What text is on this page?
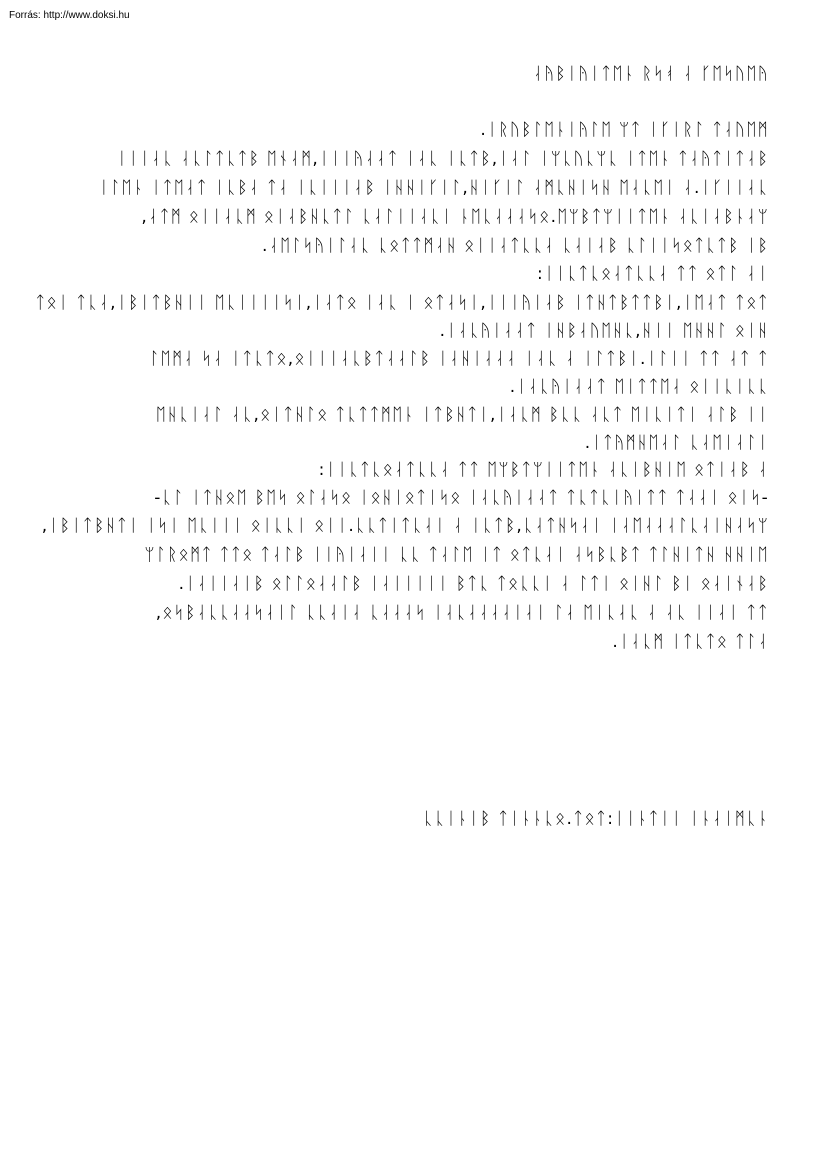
Forrás: http://www.doksi.hu
ᚤᛖᚢᛋᛖᚴ ᛆ ᚮᛋᚱ ᚿᛖᛏᛁᚤᛁᛒᚤᛆ
ᛗᛖᚢᛆᛏ ᛚᚱᛁᚴᛁ ᛏᛘ ᛖᛚᚤᛁᚿᛖᛚᛒᚢᚱᛁ.
ᛒᛆᛏᛁᛏᚤᛆᛏ ᚿᛖᛏᛁ ᚳᛘᚳᚢᚳᛘᛁ ᛚᛆᛁ,ᛒᛏᚳᛁ ᚳᛆᛁ ᛏᛆᛆᚤᛁᛁᛁ,ᛗᛆᚾᛖ ᛒᛏᚳᛏᛚᚳᛆ ᚳᛆᛁᛁᛁ
ᚳᛆᛁᛁᚴᛁ.ᛆ ᛁᛖᚳᛆᛖ ᚺᛋᛁᚺᚳᛗᛆ ᛚᛁᚴᛁᚺ,ᛚᛁᚴᛁᚺᚺᛁ ᛒᛆᛁᛁᛁᚳᛁ ᛆᛏ ᛆᛒᚳᛁ ᛏᛆᛖᛏᛁ ᚿᛖᛚᛁ
ᛘᛆᚿᛒᛆᛁᚳᛆ ᚿᛖᛏᛁᛁᛘᛏᛒᛘᛖ.ᛟᛋᛆᛆᛆᚳᛖᚿ ᛁᚳᛆᛁᛁᛚᛆᚳ ᛚᛏᚳᚺᛒᛆᛁᛟ ᛗᚳᛆᛁᛁᛟ ᛗᛏᛆ,
ᛒᛁ ᛒᛏᚳᛏᛟᛋᛁᛁᛚᚳ ᛒᛆᛁᛆᚳ ᛆᚳᚳᛏᛆᛁᛁᛟ ᚺᛆᛗᛏᛏᛟᚳ ᚳᛆᛚᛁᚤᛋᛚᛖᛆ.
ᛁᛆ ᛚᛏᛟ ᛏᛏ ᛆᚳᚳᛏᛆᛟᚳᛏᚳᛁᛁ:
ᛏᛟᛏ ᛏᛆᛖᛁ,ᛁᛒᛏᛏᛒᛏᚺᛏᛁ ᛒᛆᛁᚤᛁᛁᛁ,ᛁᛋᛆᛏᛟ ᛁ ᚳᛆᛁ ᛟᛏᛆᛁ,ᛁᛋᛁᛁᛁᛁᚳᛖ ᛁᛁᚺᛒᛏᛁᛒᛁ,ᛆᚳᛏ ᛁᛟᛏ
ᚺᛁᛟ ᛚᚺᚺᛖ ᛁᛁᚺ,ᚳᚺᛖᚢᛆᛒᚺᛁ ᛏᛆᛆᛁᚤᚳᛆᛁ.
ᛏ ᛏᛆ ᛏᛏ ᛁᛁᛚᛁ.ᛁᛒᛏᛚᛁ ᛆ ᚳᛆᛁ ᛆᛆᛆᛁᚺᛆᛁ ᛒᛚᛆᛆᛏᛒᚳᛆᛁᛁᛁᛟ,ᛟᛏᚳᛏᛁ ᛆᛋ ᛆᛗᛖᛚ
ᚳᚳᛁᚳᛁᛁᛟ ᛆᛖᛏᛏᛁᛖ ᛏᛆᛆᛁᚤᚳᛆᛁ.
ᛁᛁ ᛒᛚᛆ ᛁᛏᛁᚳᛁᛖ ᛏᚳᛆ ᚳᚳᛒ ᛗᚳᛆᛁ,ᛁᛏᚺᛒᛏᛁ ᚿᛖᛗᛏᛏᚳᛏ ᛟᛚᚺᛏᛁᛟ,ᚳᛆ ᛚᛆᛁᚳᚺᛖ
ᛁᛚᛆᛁᛖᛆᚳ ᛚᛆᛖᚺᛗᚤᛏᛁ.
ᛆ ᛒᛆᛁᛏᛟ ᛖᛁᚺᛒᛁᚳᛆ ᚿᛖᛏᛁᛁᛘᛏᛒᛘᛖ ᛏᛏ ᛆᚳᚳᛏᛆᛟᚳᛏᚳᛁᛁ:
-ᛋᛁᛟ ᛁᛆᛆᛏ ᛏᛏᛁᚤᛁᚳᛏᚳᛏ ᛏᛆᛆᛁᚤᚳᛆᛁ ᛟᛋᛁᛏᛟᛁᚺᛟᛁ ᛟᛋᛆᛚᛟ ᛋᛖᛒ ᛖᛟᚺᛏᛁ ᛚᚳ-
ᛘᛋᛆᚺᛁᛆᚳᛚᛆᛆᛆᛖᛆᛁ ᛁᛆᛋᚺᛏᛆᚳ,ᛒᛏᚳᛁ ᛆ ᛁᛆᚳᛏᛁᛏᚳᚳ.ᛁᛁᛟ ᛁᚳᚳᛁᛟ ᛁᛁᛁᚳᛖ ᛁᛋᛁ ᛁᛏᚺᛒᛏᛁᛒᛁ,
ᛖᛁᚺᚺ ᚺᛏᛁᚺᛚᛏ ᛏᛒᚳᛒᛋᛆ ᛁᛆᚳᛏᛟ ᛏᛁ ᛖᛚᛆᛏ ᚳᚳ ᛁᛁᛆᛁᚤᛁᛁ ᛒᛚᛆᛏ ᛟᛏᛏ ᛏᛗᛟᚱᛚᛘ
ᛒᛆᚾᛁᛆᛟ ᛁᛒ ᛚᚺᛁᛟ ᛁᛏᛚ ᛆ ᛁᚳᚳᛟᛏ ᚳᛏᛒ ᛁᛁᛁᛁᛁᛆᛁ ᛒᛚᛆᛆᛟᛚᛚᛟ ᛒᛁᛆᛁᛁᛆᛁ.
ᛏᛏ ᛁᛆᛁᛁ ᚳᛆ ᛆ ᚳᛆᚳᛁᛖ ᛆᛚ ᛁᛆᛁᛆᛆᛆᛆᚳᛆᛁ ᛋᛆᛆᛆᚳ ᛆᛁᛆᚳᚳ ᛚᛁᛆᛋᛆᛆᚳᚳᛆᛒᛋᛟ,
ᛆᛚᛏ ᛟᛏᚳᛏᛁ ᛗᚳᛆᛁ.
ᚿᚳᛗᛁᛆᚿᛁ ᛁᛁᛏᚿᛁᛁ:ᛏᛟᛏ.ᛟᚳᚿᚿᛁᛏ ᛒᛁᚿᛁᚳᚳ
